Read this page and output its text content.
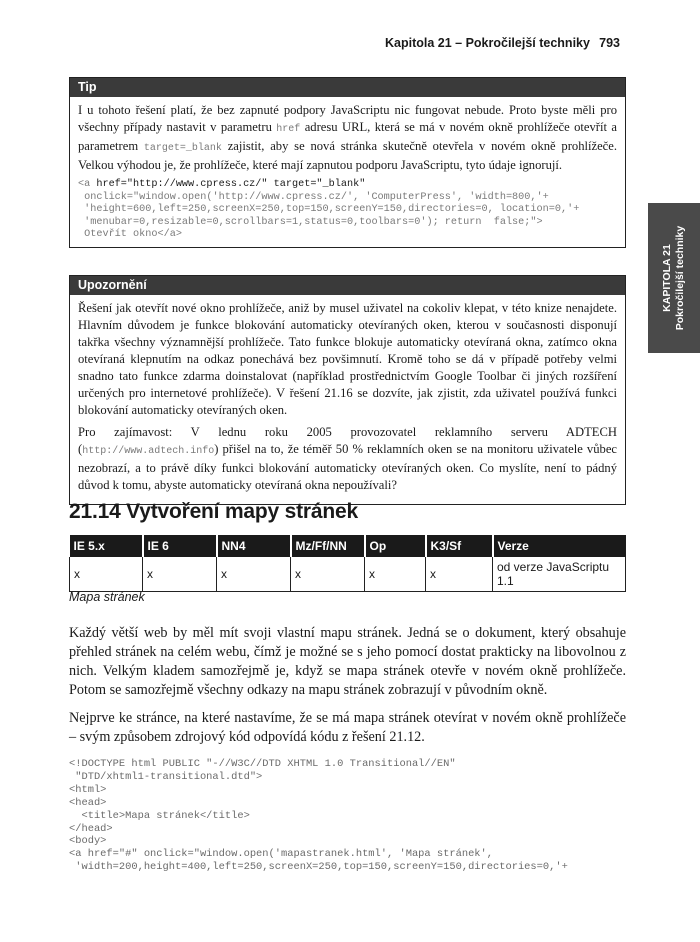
Kapitola 21 – Pokročilejší techniky 793
KAPITOLA 21 Pokročilejší techniky
Tip

I u tohoto řešení platí, že bez zapnuté podpory JavaScriptu nic fungovat nebude. Proto byste měli pro všechny případy nastavit v parametru href adresu URL, která se má v novém okně prohlížeče otevřít a parametrem target=_blank zajistit, aby se nová stránka skutečně otevřela v novém okně prohlížeče. Velkou výhodou je, že prohlížeče, které mají zapnutou podporu JavaScriptu, tyto údaje ignorují.

<a href="http://www.cpress.cz/" target="_blank"
onclick="window.open('http://www.cpress.cz/', 'ComputerPress', 'width=800,'+
'height=600,left=250,screenX=250,top=150,screenY=150,directories=0, location=0,'+
'menubar=0,resizable=0,scrollbars=1,status=0,toolbars=0'); return  false;">
Otevřít okno</a>
Upozornění

Řešení jak otevřít nové okno prohlížeče, aniž by musel uživatel na cokoliv klepat, v této knize nenajdete. Hlavním důvodem je funkce blokování automaticky otevíraných oken, kterou v současnosti disponují takřka všechny významnější prohlížeče. Tato funkce blokuje automaticky otevíraná okna, zatímco okna otevíraná klepnutím na odkaz ponechává bez povšimnutí. Kromě toho se dá v případě potřeby velmi snadno tato funkce zdarma doinstalovat (například prostřednictvím Google Toolbar či jiných rozšíření určených pro internetové prohlížeče). V řešení 21.16 se dozvíte, jak zjistit, zda uživatel používá funkci blokování automaticky otevíraných oken.

Pro zajímavost: V lednu roku 2005 provozovatel reklamního serveru ADTECH (http://www.adtech.info) přišel na to, že téměř 50 % reklamních oken se na monitoru uživatele vůbec nezobrazí, a to právě díky funkci blokování automaticky otevíraných oken. Co myslíte, není to pádný důvod k tomu, abyste automaticky otevíraná okna nepoužívali?

21.14 Vytvoření mapy stránek
IE 5.x	IE 6	NN4	Mz/Ff/NN	Op	K3/Sf	Verze
x	x	x	x	x	x	od verze JavaScriptu 1.1
Mapa stránek

Každý větší web by měl mít svoji vlastní mapu stránek. Jedná se o dokument, který obsahuje přehled stránek na celém webu, čímž je možné se s jeho pomocí dostat prakticky na libovolnou z nich. Velkým kladem samozřejmě je, když se mapa stránek otevře v novém okně prohlížeče. Potom se samozřejmě všechny odkazy na mapu stránek zobrazují v původním okně.

Nejprve ke stránce, na které nastavíme, že se má mapa stránek otevírat v novém okně prohlížeče – svým způsobem zdrojový kód odpovídá kódu z řešení 21.12.

<!DOCTYPE html PUBLIC "-//W3C//DTD XHTML 1.0 Transitional//EN"
"DTD/xhtml1-transitional.dtd">
<html>
<head>
<title>Mapa stránek</title>
</head>
<body>
<a href="#" onclick="window.open('mapastranek.html', 'Mapa stránek',
'width=200,height=400,left=250,screenX=250,top=150,screenY=150,directories=0,'+
